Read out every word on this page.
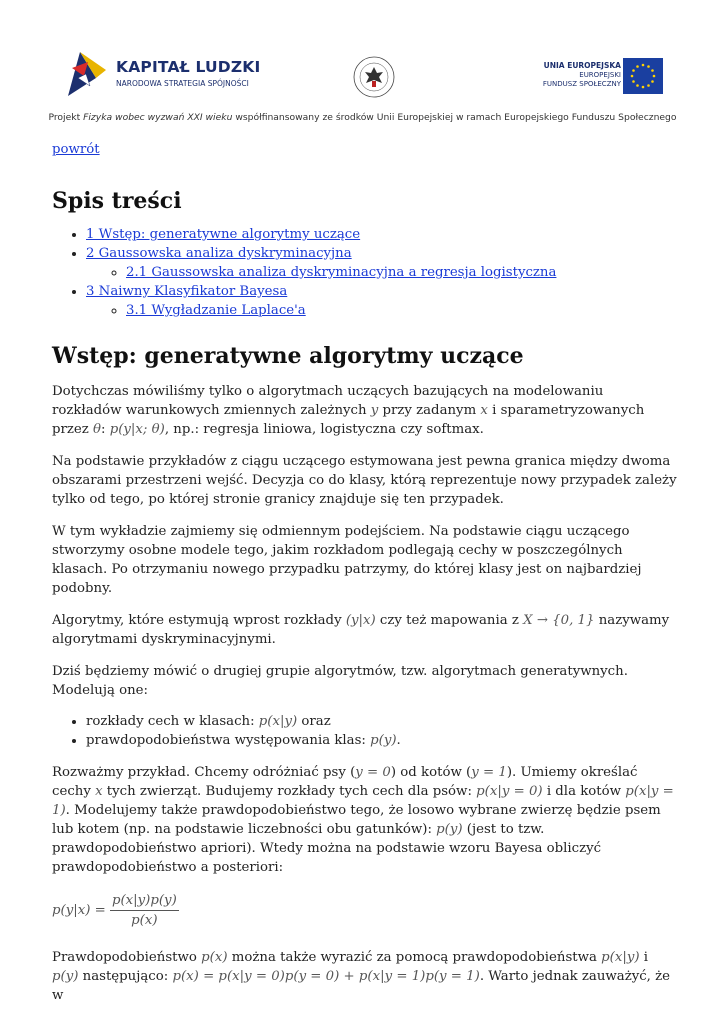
KAPITAŁ LUDZKI
NARODOWA STRATEGIA SPÓJNOŚCI
UNIA EUROPEJSKA
EUROPEJSKI
FUNDUSZ SPOŁECZNY
Projekt Fizyka wobec wyzwań XXI wieku współfinansowany ze środków Unii Europejskiej w ramach Europejskiego Funduszu Społecznego
powrót
Spis treści
• 1 Wstęp: generatywne algorytmy uczące
• 2 Gaussowska analiza dyskryminacyjna
◦ 2.1 Gaussowska analiza dyskryminacyjna a regresja logistyczna
• 3 Naiwny Klasyfikator Bayesa
◦ 3.1 Wygładzanie Laplace'a
Wstęp: generatywne algorytmy uczące

Dotychczas mówiliśmy tylko o algorytmach uczących bazujących na modelowaniu rozkładów warunkowych zmiennych zależnych y przy zadanym x i sparametryzowanych przez θ: p(y|x; θ), np.: regresja liniowa, logistyczna czy softmax.

Na podstawie przykładów z ciągu uczącego estymowana jest pewna granica między dwoma obszarami przestrzeni wejść. Decyzja co do klasy, którą reprezentuje nowy przypadek zależy tylko od tego, po której stronie granicy znajduje się ten przypadek.

W tym wykładzie zajmiemy się odmiennym podejściem. Na podstawie ciągu uczącego stworzymy osobne modele tego, jakim rozkładom podlegają cechy w poszczególnych klasach. Po otrzymaniu nowego przypadku patrzymy, do której klasy jest on najbardziej podobny.

Algorytmy, które estymują wprost rozkłady (y|x) czy też mapowania z X → {0, 1} nazywamy algorytmami dyskryminacyjnymi.

Dziś będziemy mówić o drugiej grupie algorytmów, tzw. algorytmach generatywnych. Modelują one:

• rozkłady cech w klasach: p(x|y) oraz
• prawdopodobieństwa występowania klas: p(y).

Rozważmy przykład. Chcemy odróżniać psy (y = 0) od kotów (y = 1). Umiemy określać cechy x tych zwierząt. Budujemy rozkłady tych cech dla psów: p(x|y = 0) i dla kotów p(x|y = 1). Modelujemy także prawdopodobieństwo tego, że losowo wybrane zwierzę będzie psem lub kotem (np. na podstawie liczebności obu gatunków): p(y) (jest to tzw. prawdopodobieństwo apriori). Wtedy można na podstawie wzoru Bayesa obliczyć prawdopodobieństwo a posteriori:

$p(y|x) = \frac{p(x|y)p(y)}{p(x)}$

Prawdopodobieństwo p(x) można także wyrazić za pomocą prawdopodobieństwa p(x|y) i p(y) następująco: p(x) = p(x|y = 0)p(y = 0) + p(x|y = 1)p(y = 1). Warto jednak zauważyć, że w
